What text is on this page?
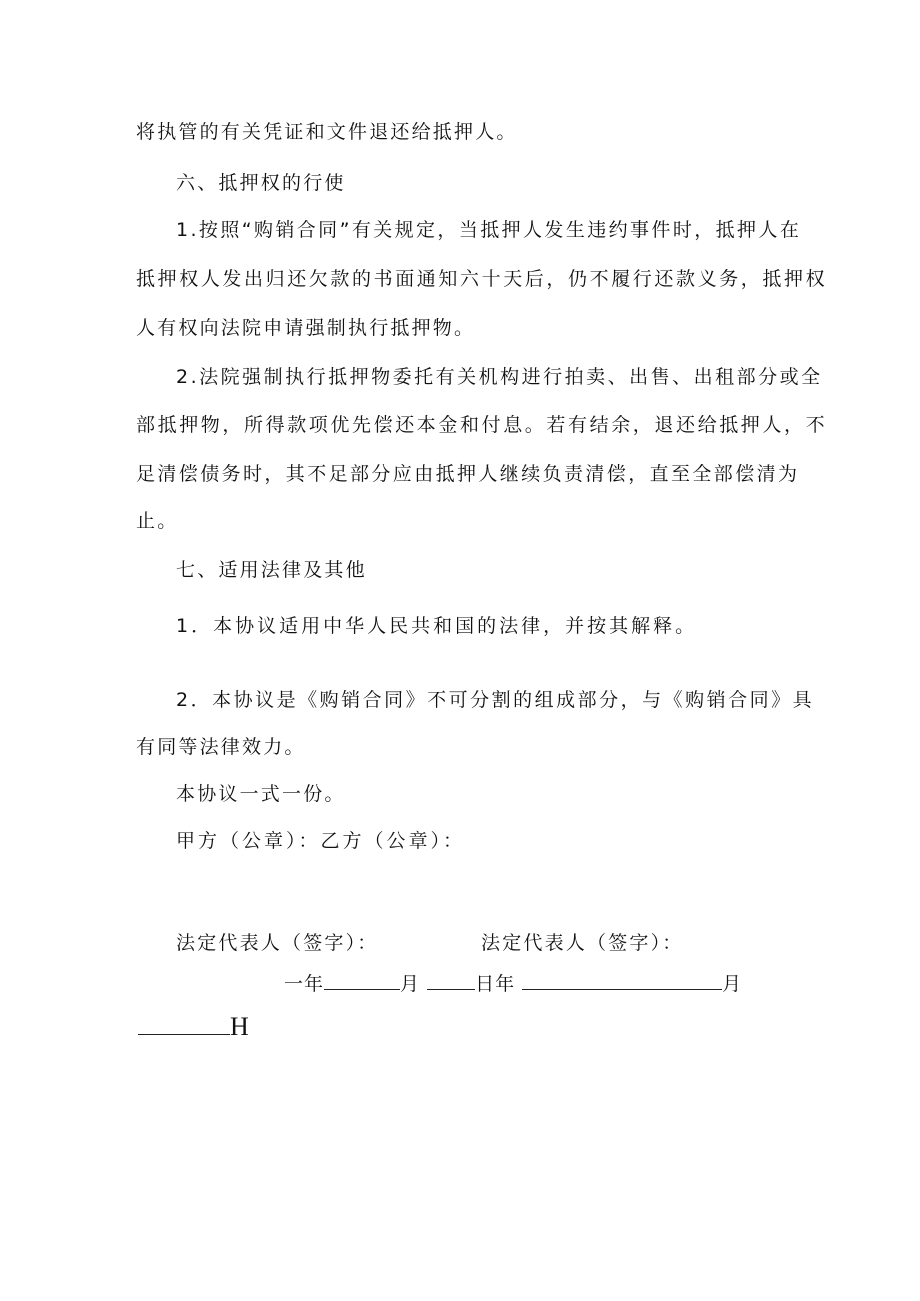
将执管的有关凭证和文件退还给抵押人。
六、抵押权的行使
1.按照“购销合同”有关规定，当抵押人发生违约事件时，抵押人在
抵押权人发出归还欠款的书面通知六十天后，仍不履行还款义务，抵押权
人有权向法院申请强制执行抵押物。
2.法院强制执行抵押物委托有关机构进行拍卖、出售、出租部分或全
部抵押物，所得款项优先偿还本金和付息。若有结余，退还给抵押人，不
足清偿债务时，其不足部分应由抵押人继续负责清偿，直至全部偿清为
止。
七、适用法律及其他
1．本协议适用中华人民共和国的法律，并按其解释。
2．本协议是《购销合同》不可分割的组成部分，与《购销合同》具
有同等法律效力。
本协议一式一份。
甲方（公章）：乙方（公章）：
法定代表人（签字）：	法定代表人（签字）：
一年	月	日年	月
H
